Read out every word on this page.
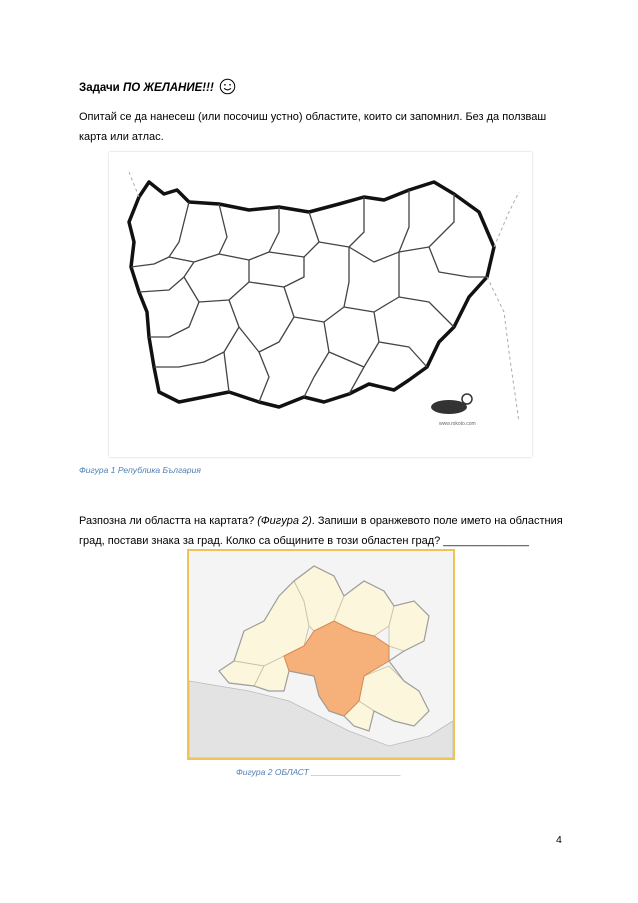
Задачи ПО ЖЕЛАНИЕ!!!
Опитай се да нанесеш (или посочиш устно) областите, които си запомнил. Без да ползваш карта или атлас.
www.rokoto.com
Фигура 1 Република България
Разпозна ли областта на картата? (Фигура 2). Запиши в оранжевото поле името на областния град, постави знака за град. Колко са общините в този областен град? ______________
Фигура 2 ОБЛАСТ ___________________
4
